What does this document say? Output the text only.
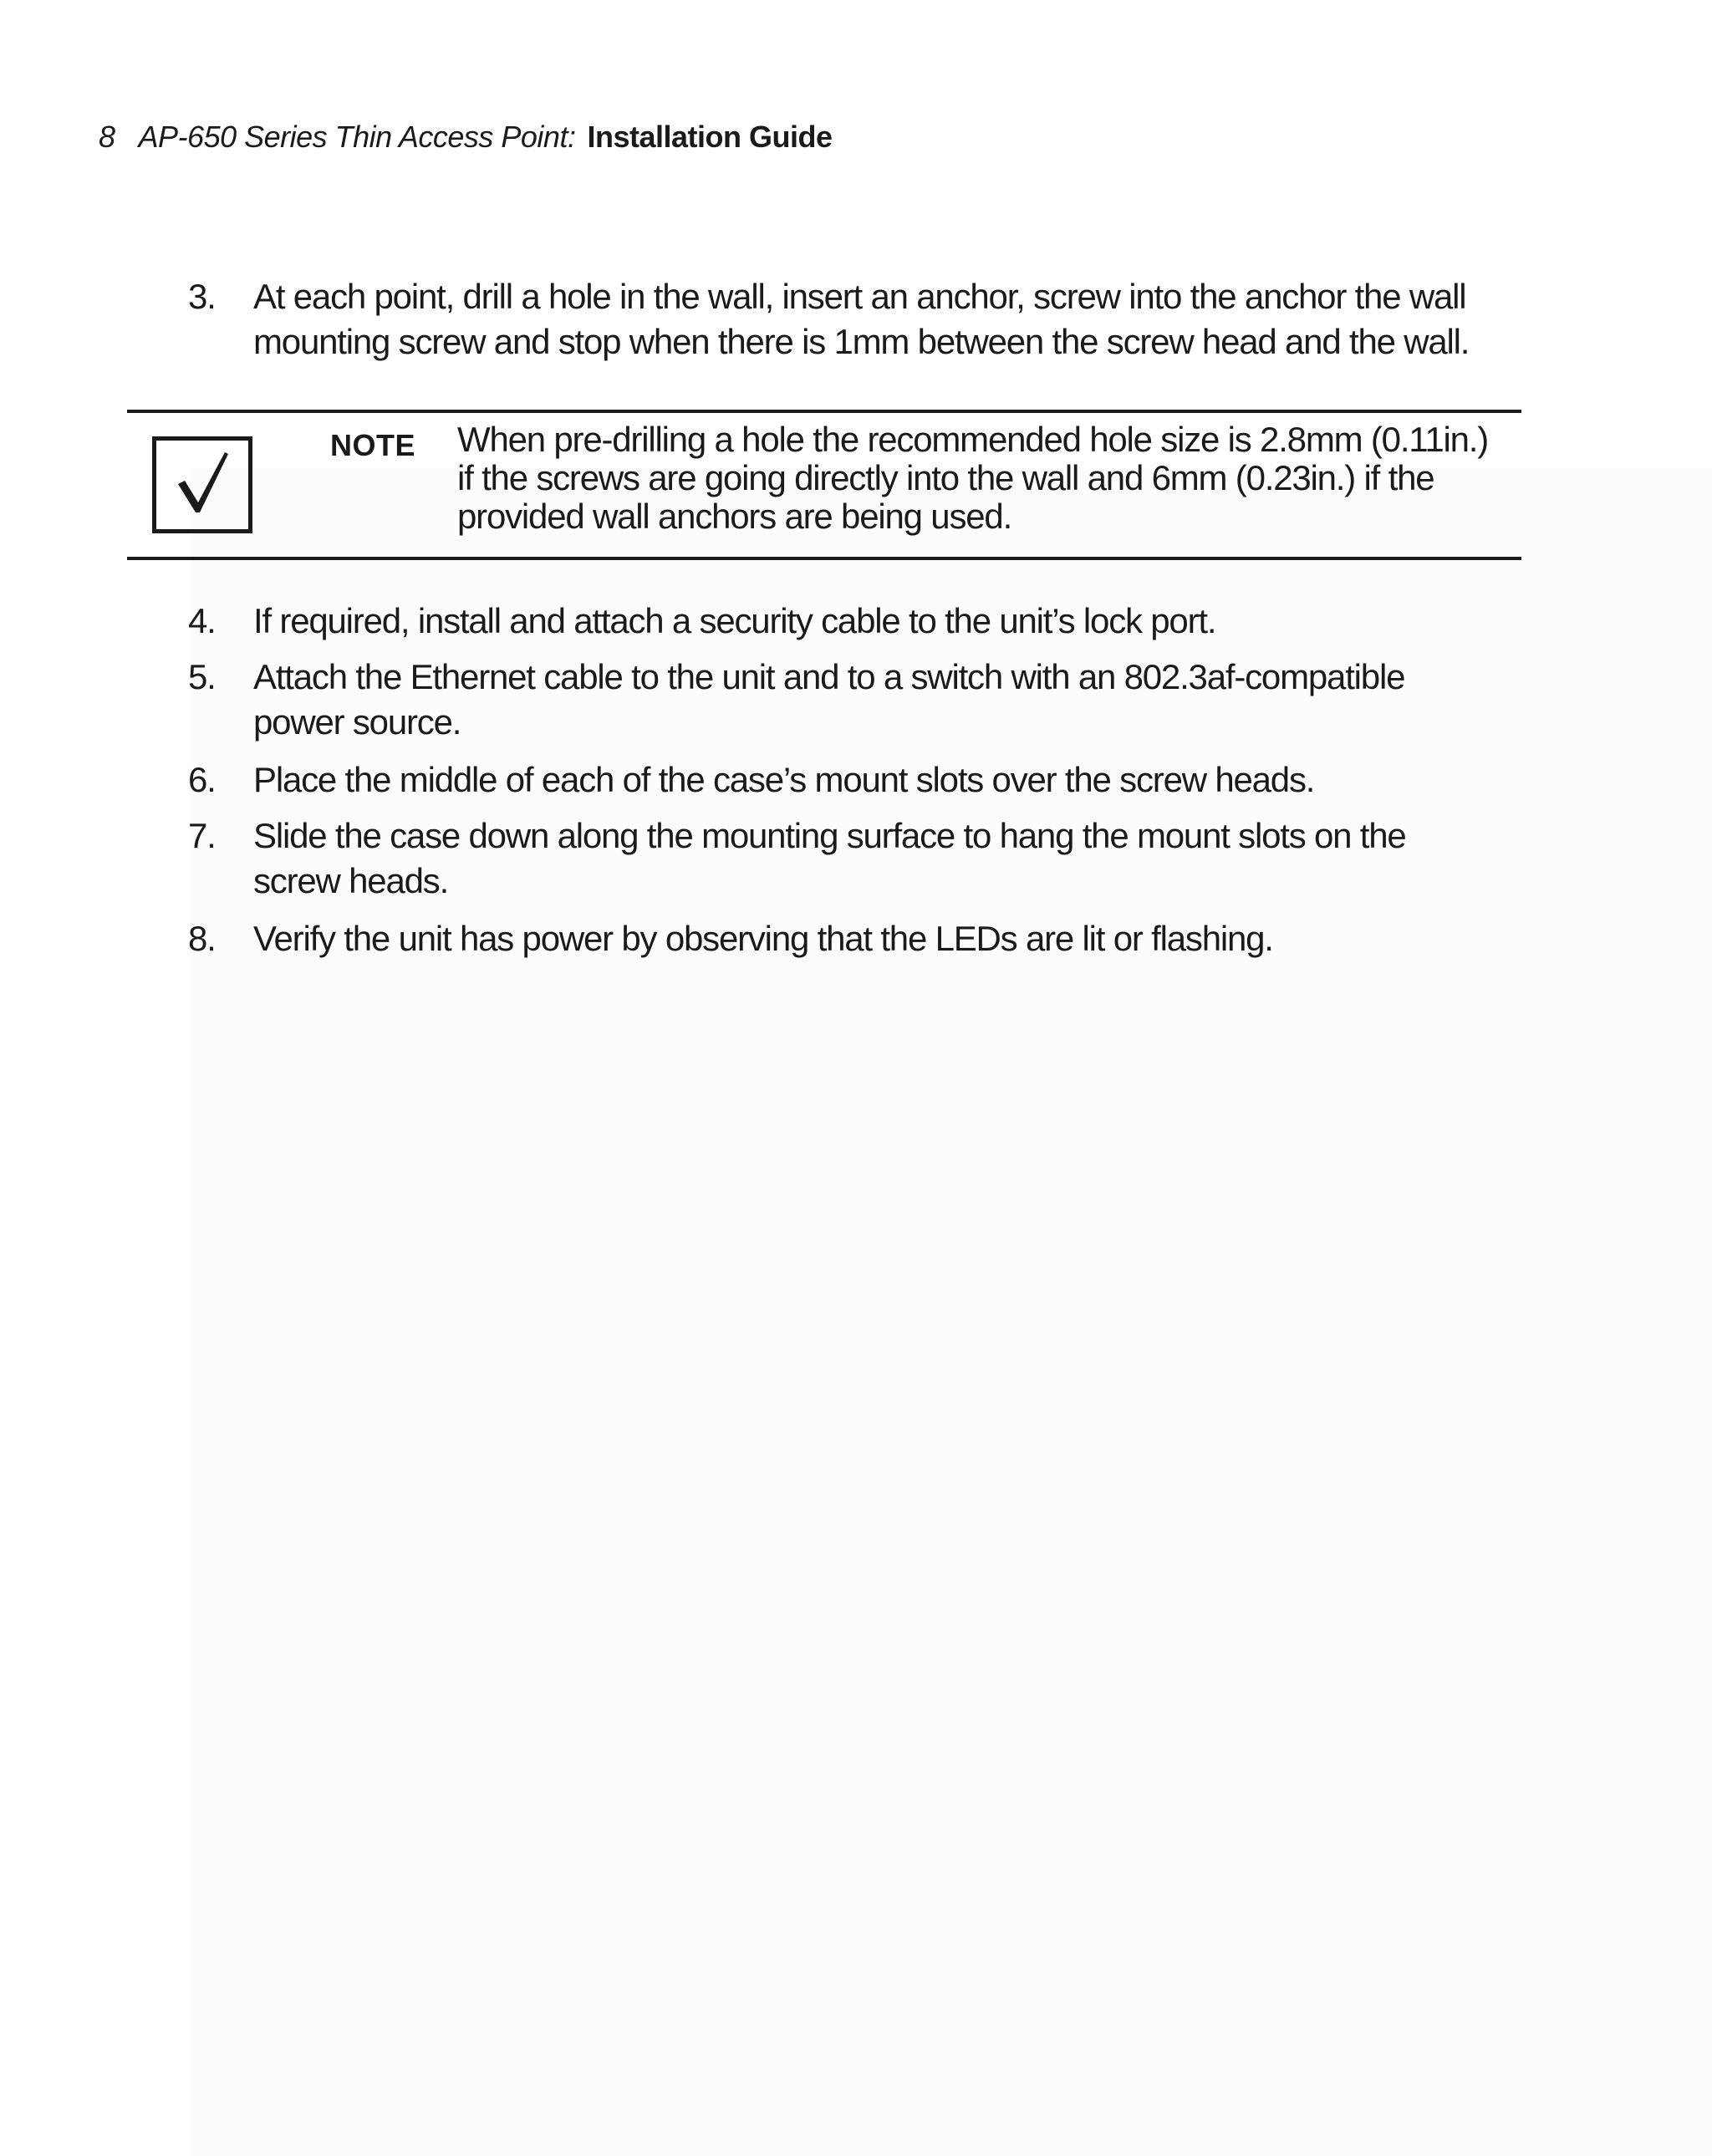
8 AP-650 Series Thin Access Point: Installation Guide
3.	At each point, drill a hole in the wall, insert an anchor, screw into the anchor the wall mounting screw and stop when there is 1mm between the screw head and the wall.
NOTE When pre-drilling a hole the recommended hole size is 2.8mm (0.11in.) if the screws are going directly into the wall and 6mm (0.23in.) if the provided wall anchors are being used.
4.	If required, install and attach a security cable to the unit’s lock port.
5.	Attach the Ethernet cable to the unit and to a switch with an 802.3af-compatible power source.
6.	Place the middle of each of the case’s mount slots over the screw heads.
7.	Slide the case down along the mounting surface to hang the mount slots on the screw heads.
8.	Verify the unit has power by observing that the LEDs are lit or flashing.
